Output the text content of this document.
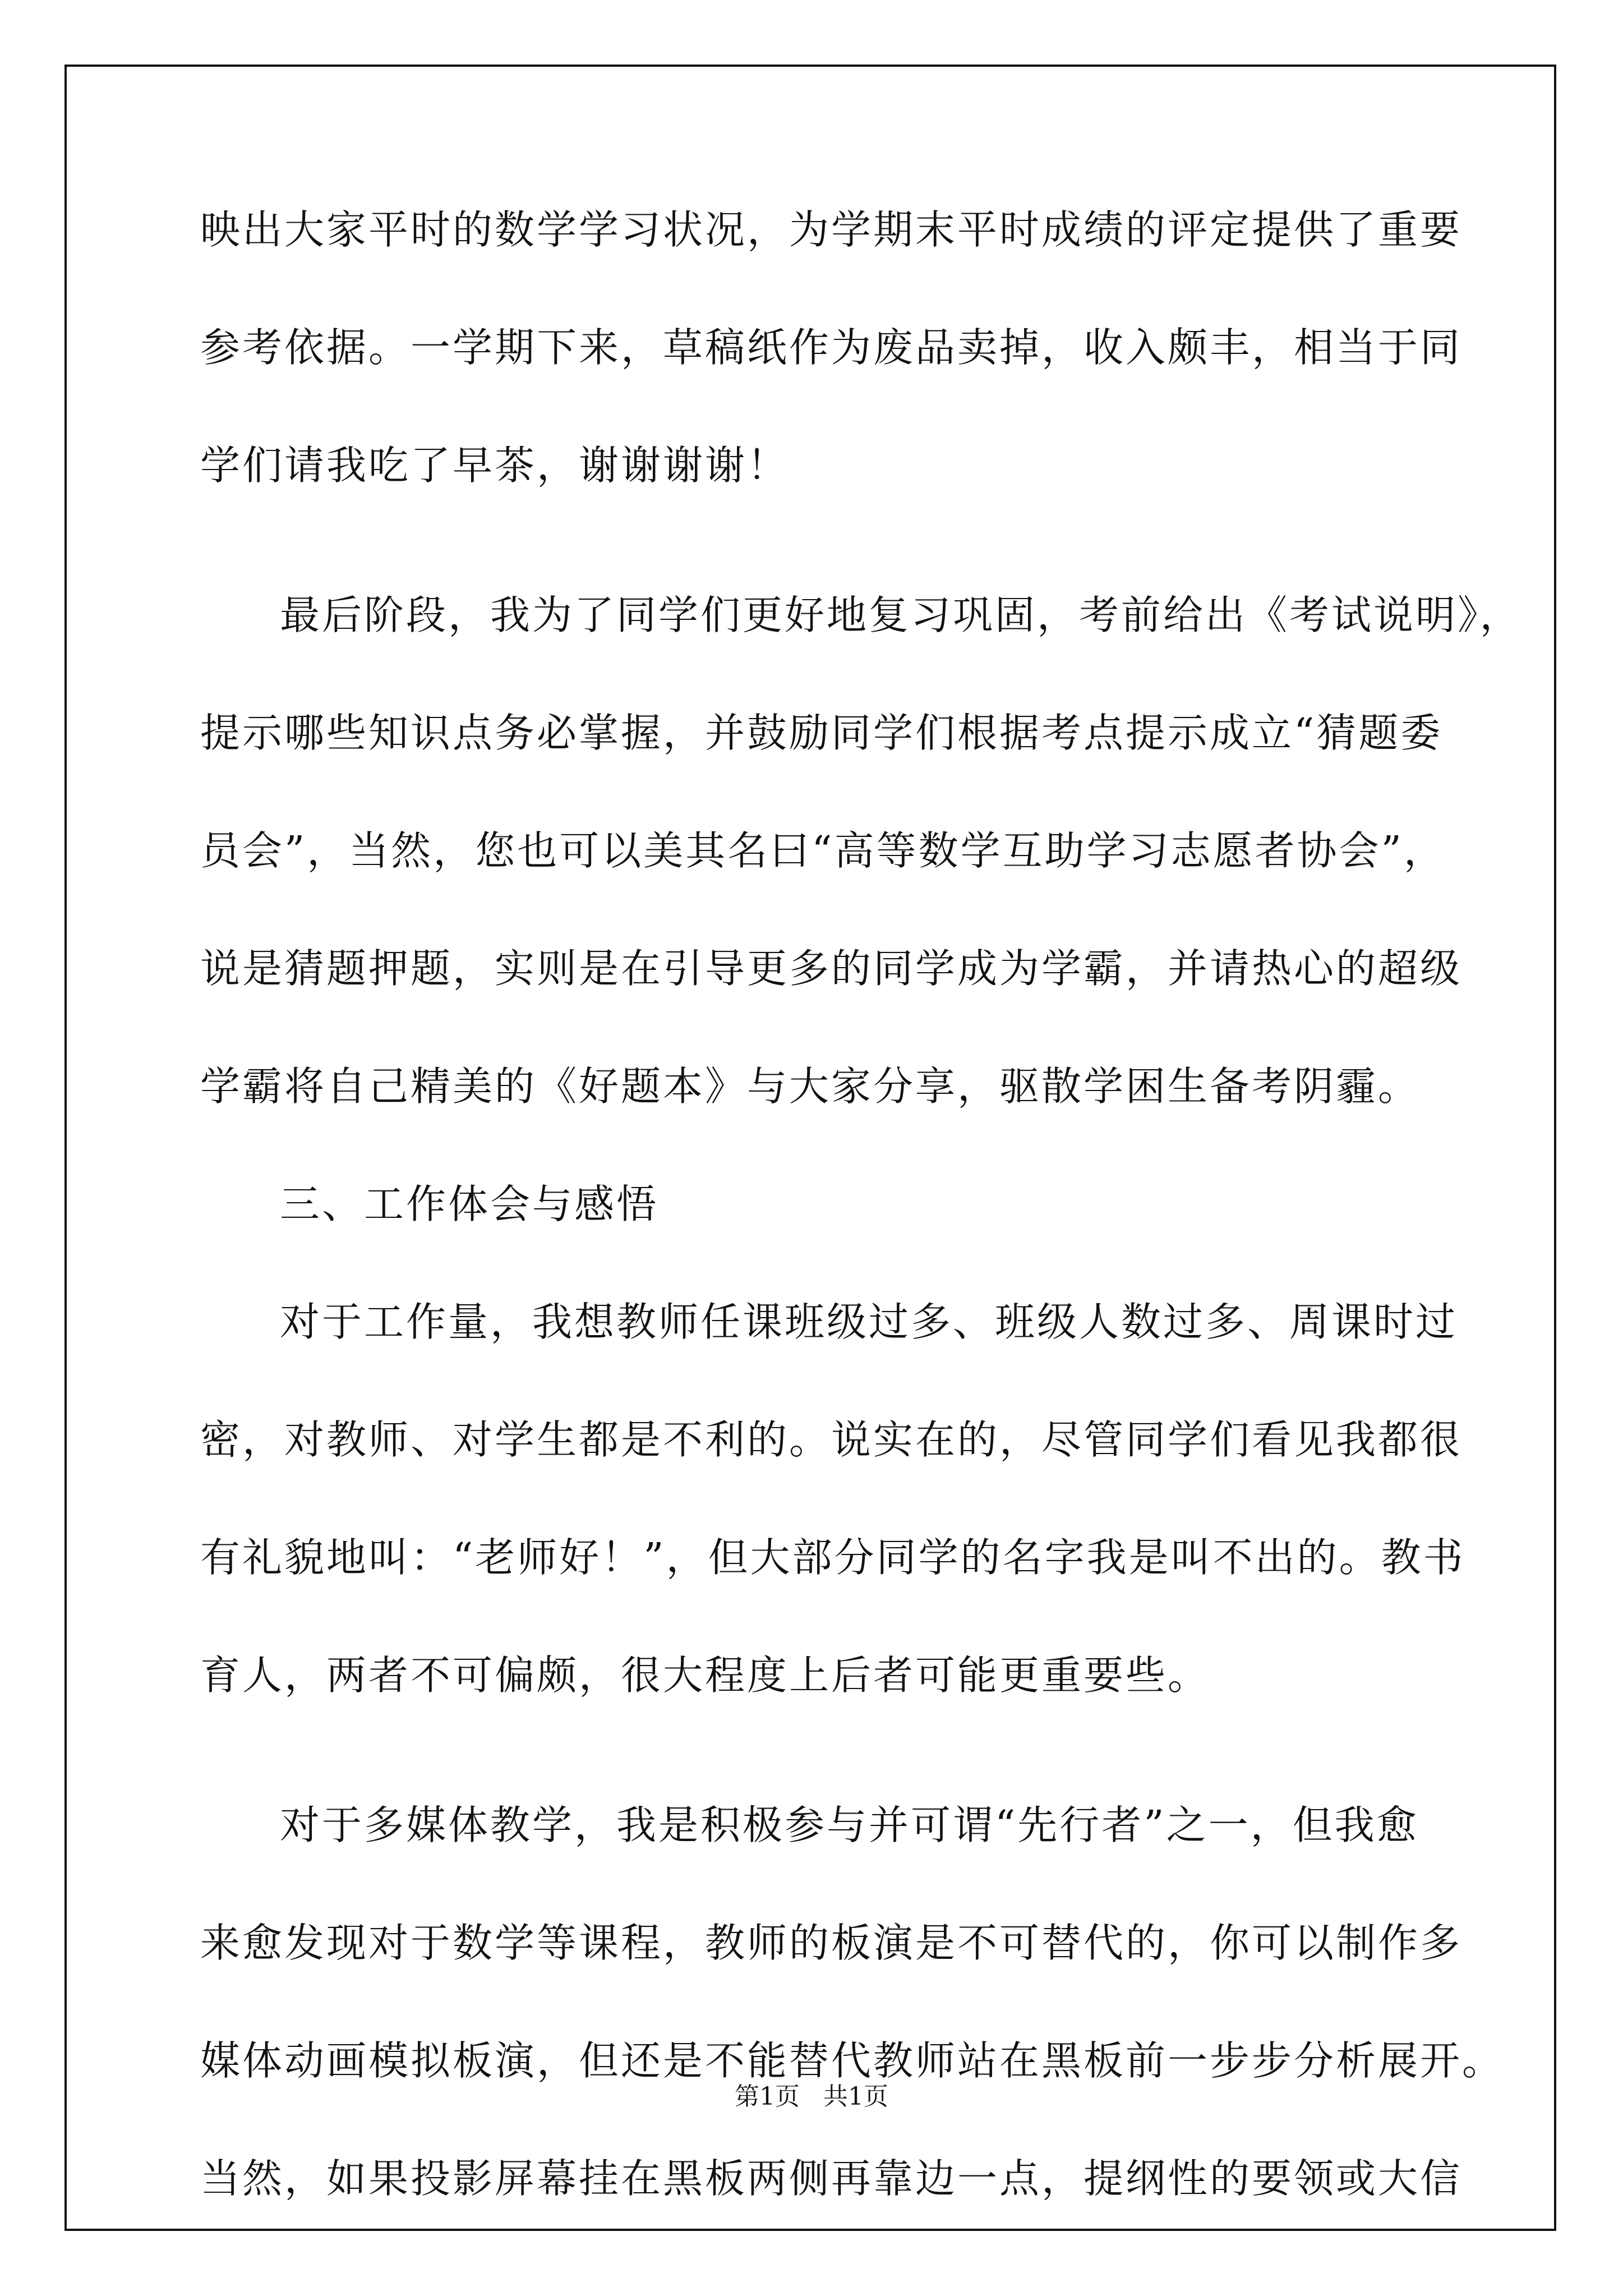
映出大家平时的数学学习状况，为学期末平时成绩的评定提供了重要
参考依据。一学期下来，草稿纸作为废品卖掉，收入颇丰，相当于同
学们请我吃了早茶，谢谢谢谢！
最后阶段，我为了同学们更好地复习巩固，考前给出《考试说明》，
提示哪些知识点务必掌握，并鼓励同学们根据考点提示成立“猜题委
员会”，当然，您也可以美其名曰“高等数学互助学习志愿者协会”，
说是猜题押题，实则是在引导更多的同学成为学霸，并请热心的超级
学霸将自己精美的《好题本》与大家分享，驱散学困生备考阴霾。
三、工作体会与感悟
对于工作量，我想教师任课班级过多、班级人数过多、周课时过
密，对教师、对学生都是不利的。说实在的，尽管同学们看见我都很
有礼貌地叫：“老师好！”，但大部分同学的名字我是叫不出的。教书
育人，两者不可偏颇，很大程度上后者可能更重要些。
对于多媒体教学，我是积极参与并可谓“先行者”之一，但我愈
来愈发现对于数学等课程，教师的板演是不可替代的，你可以制作多
媒体动画模拟板演，但还是不能替代教师站在黑板前一步步分析展开。
当然，如果投影屏幕挂在黑板两侧再靠边一点，提纲性的要领或大信
第1页   共1页
